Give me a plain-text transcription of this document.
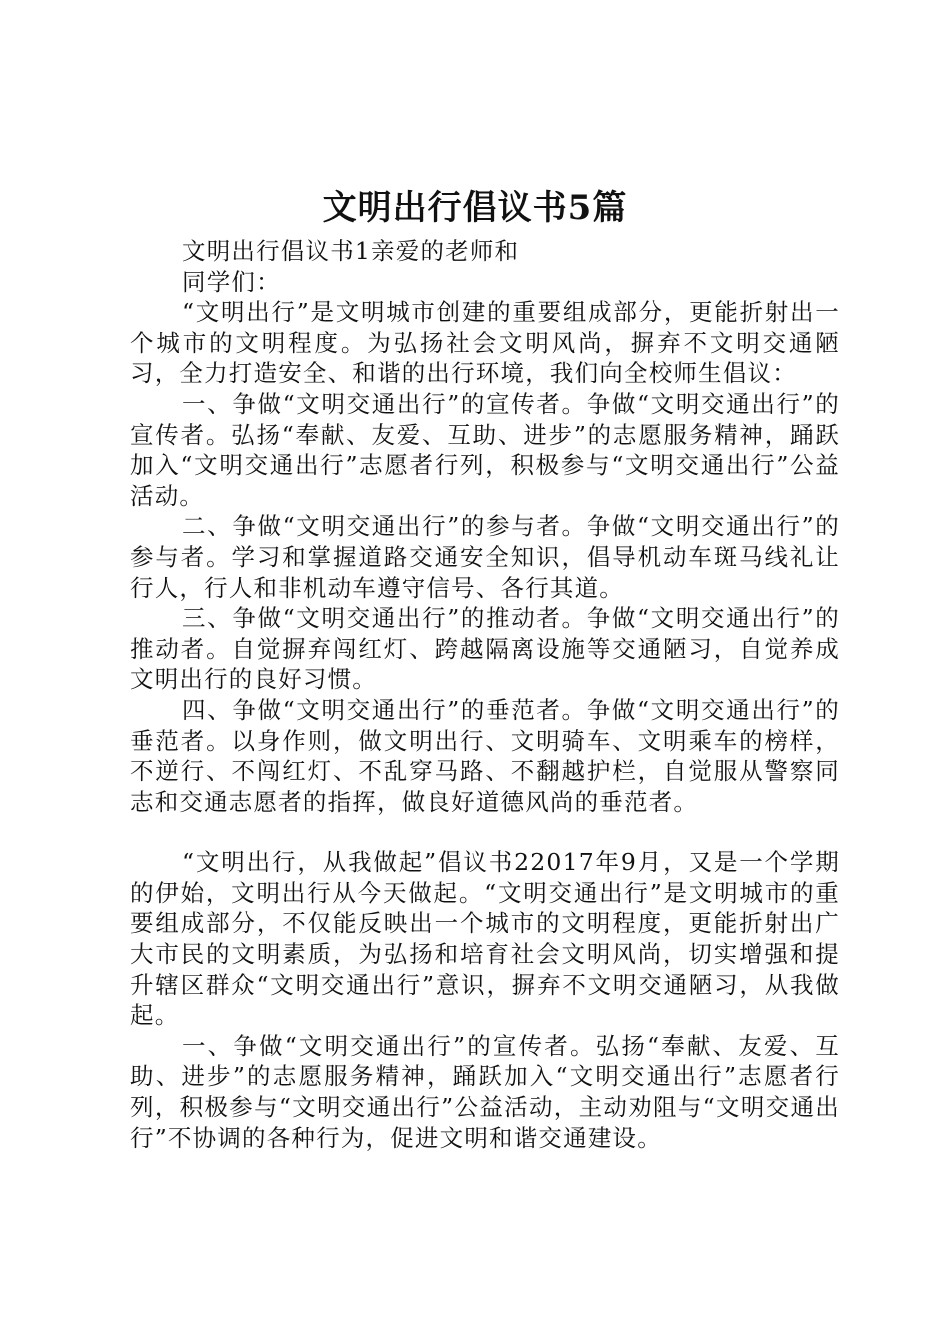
文明出行倡议书5篇

文明出行倡议书1亲爱的老师和

同学们：

“文明出行”是文明城市创建的重要组成部分，更能折射出一个城市的文明程度。为弘扬社会文明风尚，摒弃不文明交通陋习，全力打造安全、和谐的出行环境，我们向全校师生倡议：

一、争做“文明交通出行”的宣传者。争做“文明交通出行”的宣传者。弘扬“奉献、友爱、互助、进步”的志愿服务精神，踊跃加入“文明交通出行”志愿者行列，积极参与“文明交通出行”公益活动。

二、争做“文明交通出行”的参与者。争做“文明交通出行”的参与者。学习和掌握道路交通安全知识，倡导机动车斑马线礼让行人，行人和非机动车遵守信号、各行其道。

三、争做“文明交通出行”的推动者。争做“文明交通出行”的推动者。自觉摒弃闯红灯、跨越隔离设施等交通陋习，自觉养成文明出行的良好习惯。

四、争做“文明交通出行”的垂范者。争做“文明交通出行”的垂范者。以身作则，做文明出行、文明骑车、文明乘车的榜样，不逆行、不闯红灯、不乱穿马路、不翻越护栏，自觉服从警察同志和交通志愿者的指挥，做良好道德风尚的垂范者。

“文明出行，从我做起”倡议书22017年9月，又是一个学期的伊始，文明出行从今天做起。“文明交通出行”是文明城市的重要组成部分，不仅能反映出一个城市的文明程度，更能折射出广大市民的文明素质，为弘扬和培育社会文明风尚，切实增强和提升辖区群众“文明交通出行”意识，摒弃不文明交通陋习，从我做起。

一、争做“文明交通出行”的宣传者。弘扬“奉献、友爱、互助、进步”的志愿服务精神，踊跃加入“文明交通出行”志愿者行列，积极参与“文明交通出行”公益活动，主动劝阻与“文明交通出行”不协调的各种行为，促进文明和谐交通建设。
